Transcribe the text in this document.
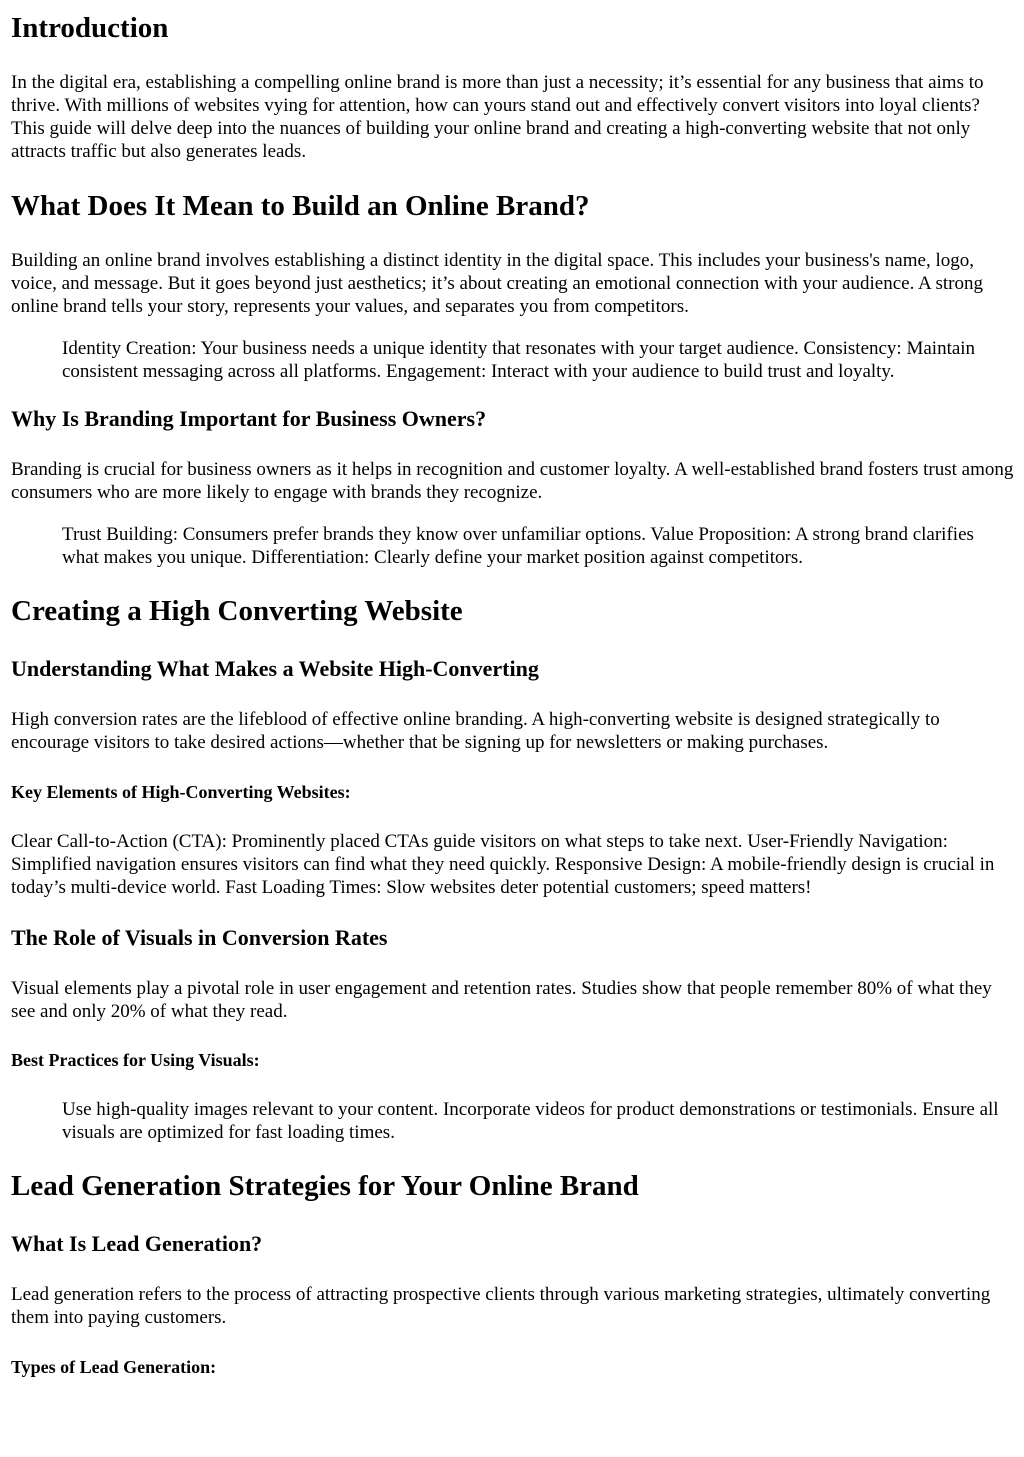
Introduction

In the digital era, establishing a compelling online brand is more than just a necessity; it’s essential for any business that aims to thrive. With millions of websites vying for attention, how can yours stand out and effectively convert visitors into loyal clients? This guide will delve deep into the nuances of building your online brand and creating a high-converting website that not only attracts traffic but also generates leads.

What Does It Mean to Build an Online Brand?

Building an online brand involves establishing a distinct identity in the digital space. This includes your business's name, logo, voice, and message. But it goes beyond just aesthetics; it’s about creating an emotional connection with your audience. A strong online brand tells your story, represents your values, and separates you from competitors.

Identity Creation: Your business needs a unique identity that resonates with your target audience. Consistency: Maintain consistent messaging across all platforms. Engagement: Interact with your audience to build trust and loyalty.
Why Is Branding Important for Business Owners?

Branding is crucial for business owners as it helps in recognition and customer loyalty. A well-established brand fosters trust among consumers who are more likely to engage with brands they recognize.

Trust Building: Consumers prefer brands they know over unfamiliar options. Value Proposition: A strong brand clarifies what makes you unique. Differentiation: Clearly define your market position against competitors.
Creating a High Converting Website
Understanding What Makes a Website High-Converting

High conversion rates are the lifeblood of effective online branding. A high-converting website is designed strategically to encourage visitors to take desired actions—whether that be signing up for newsletters or making purchases.

Key Elements of High-Converting Websites:

Clear Call-to-Action (CTA): Prominently placed CTAs guide visitors on what steps to take next. User-Friendly Navigation: Simplified navigation ensures visitors can find what they need quickly. Responsive Design: A mobile-friendly design is crucial in today’s multi-device world. Fast Loading Times: Slow websites deter potential customers; speed matters!

The Role of Visuals in Conversion Rates

Visual elements play a pivotal role in user engagement and retention rates. Studies show that people remember 80% of what they see and only 20% of what they read.

Best Practices for Using Visuals:
Use high-quality images relevant to your content. Incorporate videos for product demonstrations or testimonials. Ensure all visuals are optimized for fast loading times.
Lead Generation Strategies for Your Online Brand
What Is Lead Generation?

Lead generation refers to the process of attracting prospective clients through various marketing strategies, ultimately converting them into paying customers.

Types of Lead Generation:
